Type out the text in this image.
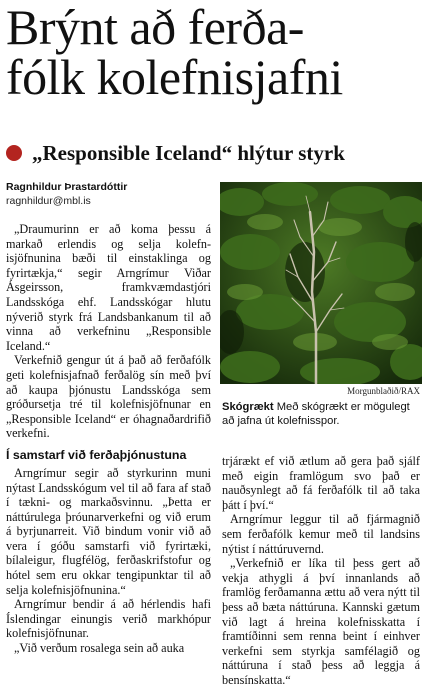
Brýnt að ferða-
fólk kolefnisjafni
„Responsible Iceland“ hlýtur styrk
Ragnhildur Þrastardóttir
ragnhildur@mbl.is
Morgunblaðið/RAX
Skógrækt Með skógrækt er mögulegt að jafna út kolefnisspor.

„Draumurinn er að koma þessu á markað erlendis og selja kolefnisjöfnunina bæði til einstaklinga og fyrirtækja,“ segir Arngrímur Viðar Ásgeirsson, framkvæmdastjóri Landsskóga ehf. Landsskógar hlutu nýverið styrk frá Landsbankanum til að vinna að verkefninu „Responsible Iceland.“

Verkefnið gengur út á það að ferðafólk geti kolefnisjafnað ferðalög sín með því að kaupa þjónustu Landsskóga sem gróðursetja tré til kolefnisjöfnunar en „Responsible Iceland“ er óhagnaðardrifið verkefni.

Í samstarf við ferðaþjónustuna

Arngrímur segir að styrkurinn muni nýtast Landsskógum vel til að fara af stað í tækni- og markaðsvinnu. „Þetta er náttúrulega þróunarverkefni og við erum á byrjunarreit. Við bindum vonir við að vera í góðu samstarfi við fyrirtæki, bílaleigur, flugfélög, ferðaskrifstofur og hótel sem eru okkar tengipunktar til að selja kolefnisjöfnunina.“

Arngrímur bendir á að hérlendis hafi Íslendingar einungis verið markhópur kolefnisjöfnunar.

„Við verðum rosalega sein að auka

trjárækt ef við ætlum að gera það sjálf með eigin framlögum svo það er nauðsynlegt að fá ferðafólk til að taka þátt í því.“

Arngrímur leggur til að fjármagnið sem ferðafólk kemur með til landsins nýtist í náttúruvernd.

„Verkefnið er líka til þess gert að vekja athygli á því innanlands að framlög ferðamanna ættu að vera nýtt til þess að bæta náttúruna. Kannski gætum við lagt á hreina kolefnisskatta í framtíðinni sem renna beint í einhver verkefni sem styrkja samfélagið og náttúruna í stað þess að leggja á bensínskatta.“
